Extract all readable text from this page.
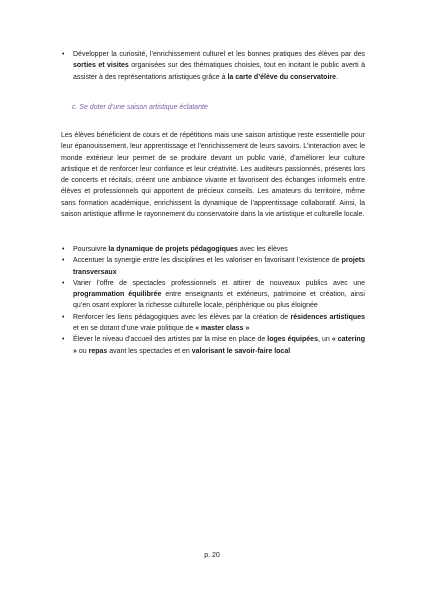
• Développer la curiosité, l’enrichissement culturel et les bonnes pratiques des élèves par des sorties et visites organisées sur des thématiques choisies, tout en incitant le public averti à assister à des représentations artistiques grâce à la carte d’élève du conservatoire.
c. Se doter d’une saison artistique éclatante
Les élèves bénéficient de cours et de répétitions mais une saison artistique reste essentielle pour leur épanouissement, leur apprentissage et l’enrichissement de leurs savoirs. L’interaction avec le monde extérieur leur permet de se produire devant un public varié, d’améliorer leur culture artistique et de renforcer leur confiance et leur créativité. Les auditeurs passionnés, présents lors de concerts et récitals, créent une ambiance vivante et favorisent des échanges informels entre élèves et professionnels qui apportent de précieux conseils. Les amateurs du territoire, même sans formation académique, enrichissent la dynamique de l’apprentissage collaboratif. Ainsi, la saison artistique affirme le rayonnement du conservatoire dans la vie artistique et culturelle locale.
• Poursuivre la dynamique de projets pédagogiques avec les élèves
• Accentuer la synergie entre les disciplines et les valoriser en favorisant l’existence de projets transversaux
• Varier l’offre de spectacles professionnels et attirer de nouveaux publics avec une programmation équilibrée entre enseignants et extérieurs, patrimoine et création, ainsi qu’en osant explorer la richesse culturelle locale, périphérique ou plus éloignée
• Renforcer les liens pédagogiques avec les élèves par la création de résidences artistiques et en se dotant d’une vraie politique de « master class »
• Élever le niveau d’accueil des artistes par la mise en place de loges équipées, un « catering » ou repas avant les spectacles et en valorisant le savoir-faire local
p. 20
